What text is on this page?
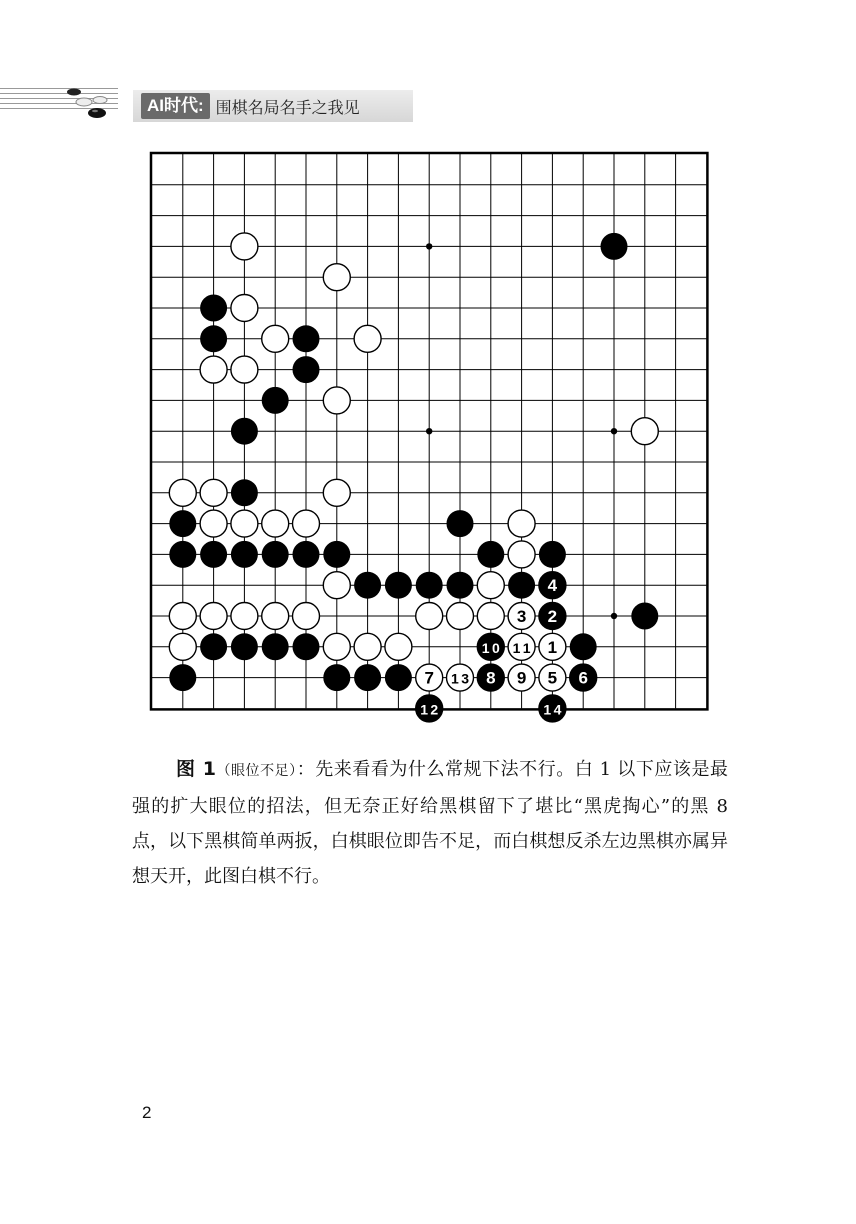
AI时代: 围棋名局名手之我见
1
2
3
4
5 6
7	8 9
10 11
12
13
14

图 1（眼位不足）：先来看看为什么常规下法不行。白 1 以下应该是最强的扩大眼位的招法，但无奈正好给黑棋留下了堪比“黑虎掏心”的黑 8 点，以下黑棋简单两扳，白棋眼位即告不足，而白棋想反杀左边黑棋亦属异想天开，此图白棋不行。

2
